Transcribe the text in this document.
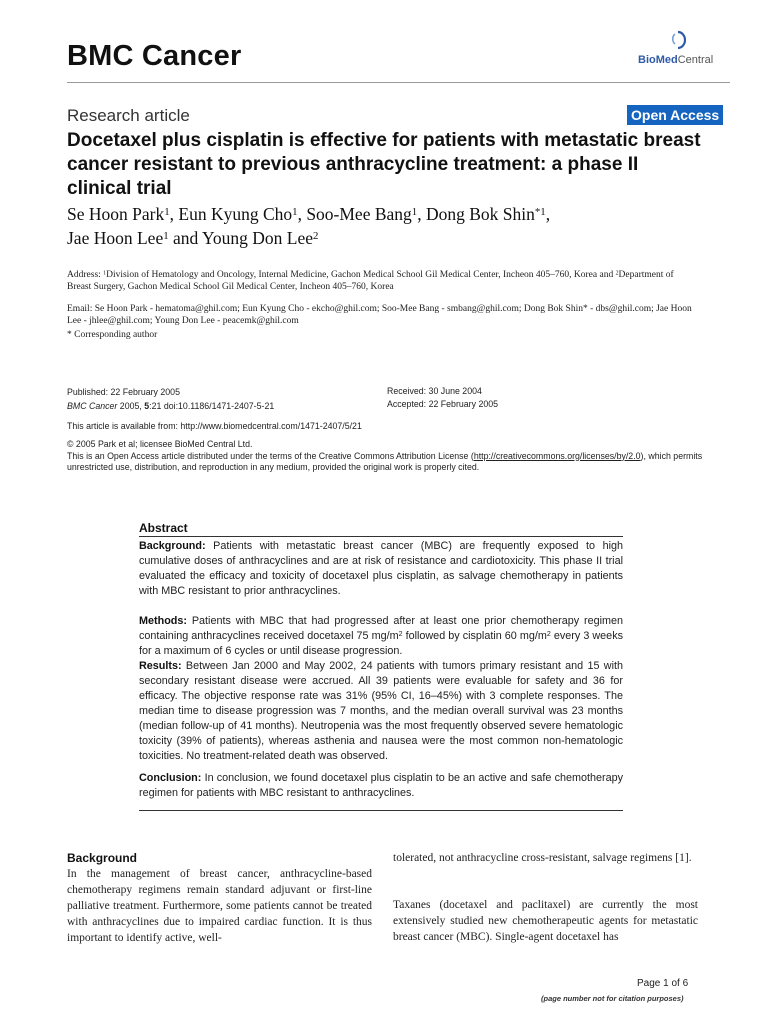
BMC Cancer	BioMedCentral
Research article	Open Access
Docetaxel plus cisplatin is effective for patients with metastatic breast cancer resistant to previous anthracycline treatment: a phase II clinical trial
Se Hoon Park$^1$, Eun Kyung Cho$^1$, Soo-Mee Bang$^1$, Dong Bok Shin$^{*1}$,
Jae Hoon Lee$^1$ and Young Don Lee$^2$
Address: $^1$Division of Hematology and Oncology, Internal Medicine, Gachon Medical School Gil Medical Center, Incheon 405–760, Korea and $^2$Department of Breast Surgery, Gachon Medical School Gil Medical Center, Incheon 405–760, Korea
Email: Se Hoon Park - hematoma@ghil.com; Eun Kyung Cho - ekcho@ghil.com; Soo-Mee Bang - smbang@ghil.com; Dong Bok Shin* - dbs@ghil.com; Jae Hoon Lee - jhlee@ghil.com; Young Don Lee - peacemk@ghil.com
* Corresponding author
Published: 22 February 2005
BMC Cancer 2005, 5:21 doi:10.1186/1471-2407-5-21
Received: 30 June 2004
Accepted: 22 February 2005
This article is available from: http://www.biomedcentral.com/1471-2407/5/21
© 2005 Park et al; licensee BioMed Central Ltd.
This is an Open Access article distributed under the terms of the Creative Commons Attribution License (http://creativecommons.org/licenses/by/2.0), which permits unrestricted use, distribution, and reproduction in any medium, provided the original work is properly cited.
Abstract
Background: Patients with metastatic breast cancer (MBC) are frequently exposed to high cumulative doses of anthracyclines and are at risk of resistance and cardiotoxicity. This phase II trial evaluated the efficacy and toxicity of docetaxel plus cisplatin, as salvage chemotherapy in patients with MBC resistant to prior anthracyclines.
Methods: Patients with MBC that had progressed after at least one prior chemotherapy regimen containing anthracyclines received docetaxel 75 $mg/m^2$ followed by cisplatin 60 $mg/m^2$ every 3 weeks for a maximum of 6 cycles or until disease progression.
Results: Between Jan 2000 and May 2002, 24 patients with tumors primary resistant and 15 with secondary resistant disease were accrued. All 39 patients were evaluable for safety and 36 for efficacy. The objective response rate was 31% (95% CI, 16–45%) with 3 complete responses. The median time to disease progression was 7 months, and the median overall survival was 23 months (median follow-up of 41 months). Neutropenia was the most frequently observed severe hematologic toxicity (39% of patients), whereas asthenia and nausea were the most common non-hematologic toxicities. No treatment-related death was observed.
Conclusion: In conclusion, we found docetaxel plus cisplatin to be an active and safe chemotherapy regimen for patients with MBC resistant to anthracyclines.
Background
In the management of breast cancer, anthracycline-based chemotherapy regimens remain standard adjuvant or first-line palliative treatment. Furthermore, some patients cannot be treated with anthracyclines due to impaired cardiac function. It is thus important to identify active, well-
tolerated, not anthracycline cross-resistant, salvage regimens [1].
Taxanes (docetaxel and paclitaxel) are currently the most extensively studied new chemotherapeutic agents for metastatic breast cancer (MBC). Single-agent docetaxel has
Page 1 of 6
(page number not for citation purposes)
